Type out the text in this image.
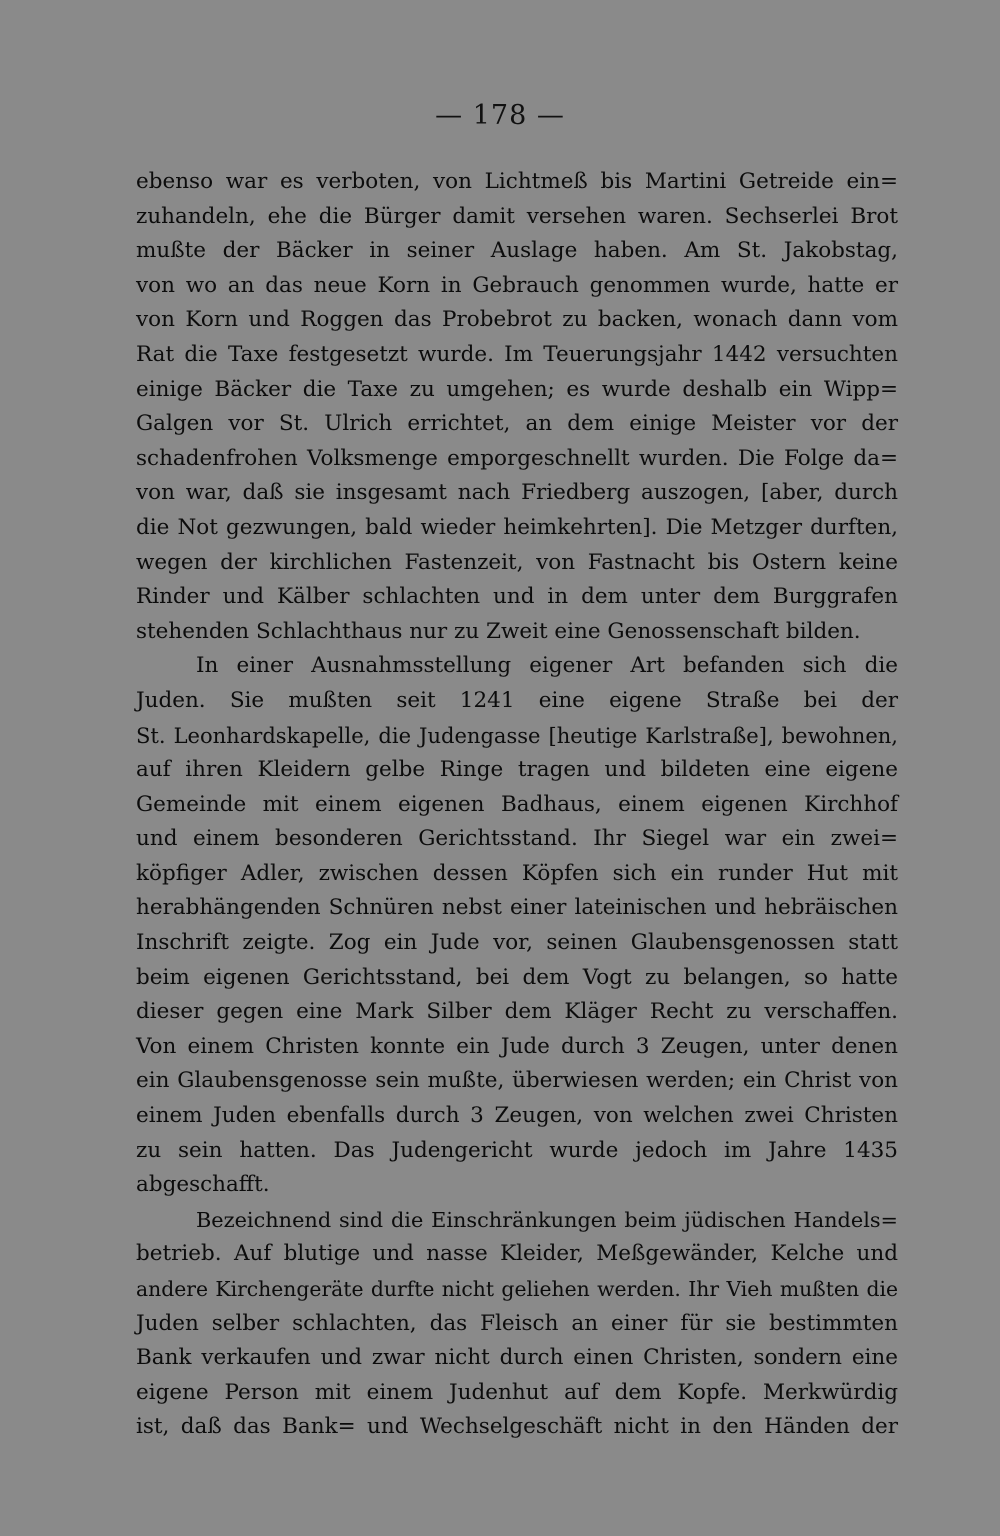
— 178 —
ebenso war es verboten, von Lichtmeß bis Martini Getreide ein=
zuhandeln, ehe die Bürger damit versehen waren. Sechserlei Brot
mußte der Bäcker in seiner Auslage haben. Am St. Jakobstag,
von wo an das neue Korn in Gebrauch genommen wurde, hatte er
von Korn und Roggen das Probebrot zu backen, wonach dann vom
Rat die Taxe festgesetzt wurde. Im Teuerungsjahr 1442 versuchten
einige Bäcker die Taxe zu umgehen; es wurde deshalb ein Wipp=
Galgen vor St. Ulrich errichtet, an dem einige Meister vor der
schadenfrohen Volksmenge emporgeschnellt wurden. Die Folge da=
von war, daß sie insgesamt nach Friedberg auszogen, [aber, durch
die Not gezwungen, bald wieder heimkehrten]. Die Metzger durften,
wegen der kirchlichen Fastenzeit, von Fastnacht bis Ostern keine
Rinder und Kälber schlachten und in dem unter dem Burggrafen
stehenden Schlachthaus nur zu Zweit eine Genossenschaft bilden.
In einer Ausnahmsstellung eigener Art befanden sich die
Juden. Sie mußten seit 1241 eine eigene Straße bei der
St. Leonhardskapelle, die Judengasse [heutige Karlstraße], bewohnen,
auf ihren Kleidern gelbe Ringe tragen und bildeten eine eigene
Gemeinde mit einem eigenen Badhaus, einem eigenen Kirchhof
und einem besonderen Gerichtsstand. Ihr Siegel war ein zwei=
köpfiger Adler, zwischen dessen Köpfen sich ein runder Hut mit
herabhängenden Schnüren nebst einer lateinischen und hebräischen
Inschrift zeigte. Zog ein Jude vor, seinen Glaubensgenossen statt
beim eigenen Gerichtsstand, bei dem Vogt zu belangen, so hatte
dieser gegen eine Mark Silber dem Kläger Recht zu verschaffen.
Von einem Christen konnte ein Jude durch 3 Zeugen, unter denen
ein Glaubensgenosse sein mußte, überwiesen werden; ein Christ von
einem Juden ebenfalls durch 3 Zeugen, von welchen zwei Christen
zu sein hatten. Das Judengericht wurde jedoch im Jahre 1435
abgeschafft.
Bezeichnend sind die Einschränkungen beim jüdischen Handels=
betrieb. Auf blutige und nasse Kleider, Meßgewänder, Kelche und
andere Kirchengeräte durfte nicht geliehen werden. Ihr Vieh mußten die
Juden selber schlachten, das Fleisch an einer für sie bestimmten
Bank verkaufen und zwar nicht durch einen Christen, sondern eine
eigene Person mit einem Judenhut auf dem Kopfe. Merkwürdig
ist, daß das Bank= und Wechselgeschäft nicht in den Händen der
